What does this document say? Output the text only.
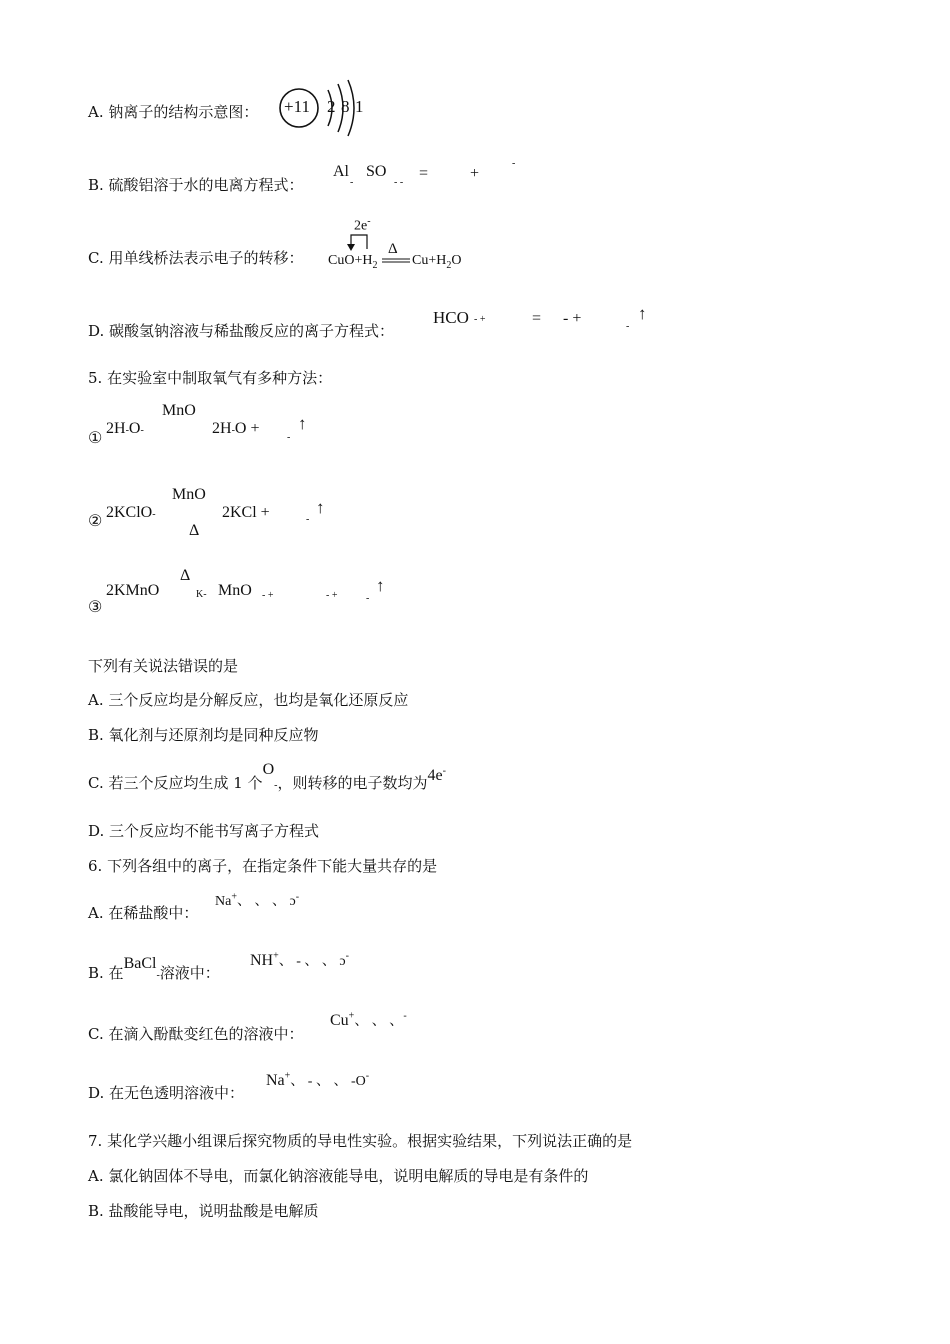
A. 钠离子的结构示意图： +11 2 8 1
B. 硫酸铝溶于水的电离方程式：
Al
-
SO
- -
=	+
-
C. 用单线桥法表示电子的转移：
2e-
Δ
$CuO+H_2$ $Cu+H_2O$
D. 碳酸氢钠溶液与稀盐酸反应的离子方程式：
HCO - +	= - +	-
↑
5. 在实验室中制取氧气有多种方法：
①
MnO
2H-O-	2H-O +
-
↑
②
MnO
Δ
2KClO-	2KCl +	-
↑
③
Δ
2KMnO	K- MnO - +	- +	-
↑
下列有关说法错误的是
A. 三个反应均是分解反应，也均是氧化还原反应
B. 氧化剂与还原剂均是同种反应物
C. 若三个反应均生成 1 个$O_-$，则转移的电子数均为4e-
D. 三个反应均不能书写离子方程式
6. 下列各组中的离子，在指定条件下能大量共存的是
A. 在稀盐酸中：
Na+、 、 、 ɔ-
B. 在BaCl$_-$溶液中：
NH+、 - 、 、 ɔ-
C. 在滴入酚酞变红色的溶液中：
Cu+、 、 、-
D. 在无色透明溶液中：
Na+、 - 、 、 -O-
7. 某化学兴趣小组课后探究物质的导电性实验。根据实验结果，下列说法正确的是
A. 氯化钠固体不导电，而氯化钠溶液能导电，说明电解质的导电是有条件的
B. 盐酸能导电，说明盐酸是电解质
